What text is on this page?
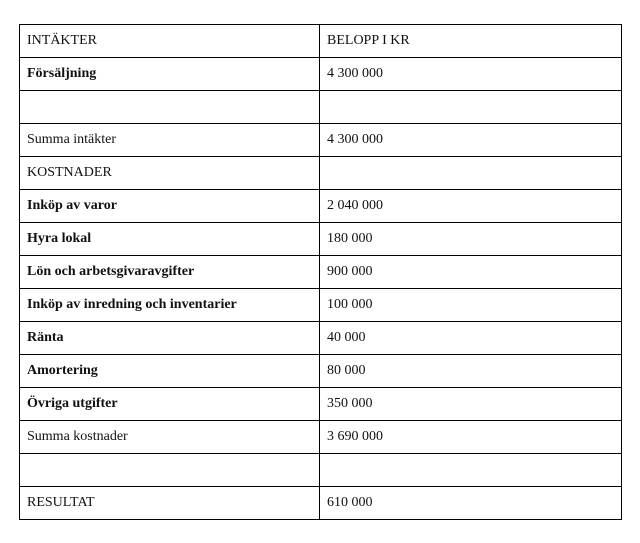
INTÄKTER	BELOPP I KR
Försäljning	4 300 000

Summa intäkter	4 300 000
KOSTNADER	
Inköp av varor	2 040 000
Hyra lokal	180 000
Lön och arbetsgivaravgifter	900 000
Inköp av inredning och inventarier	100 000
Ränta	40 000
Amortering	80 000
Övriga utgifter	350 000
Summa kostnader	3 690 000

RESULTAT	610 000
